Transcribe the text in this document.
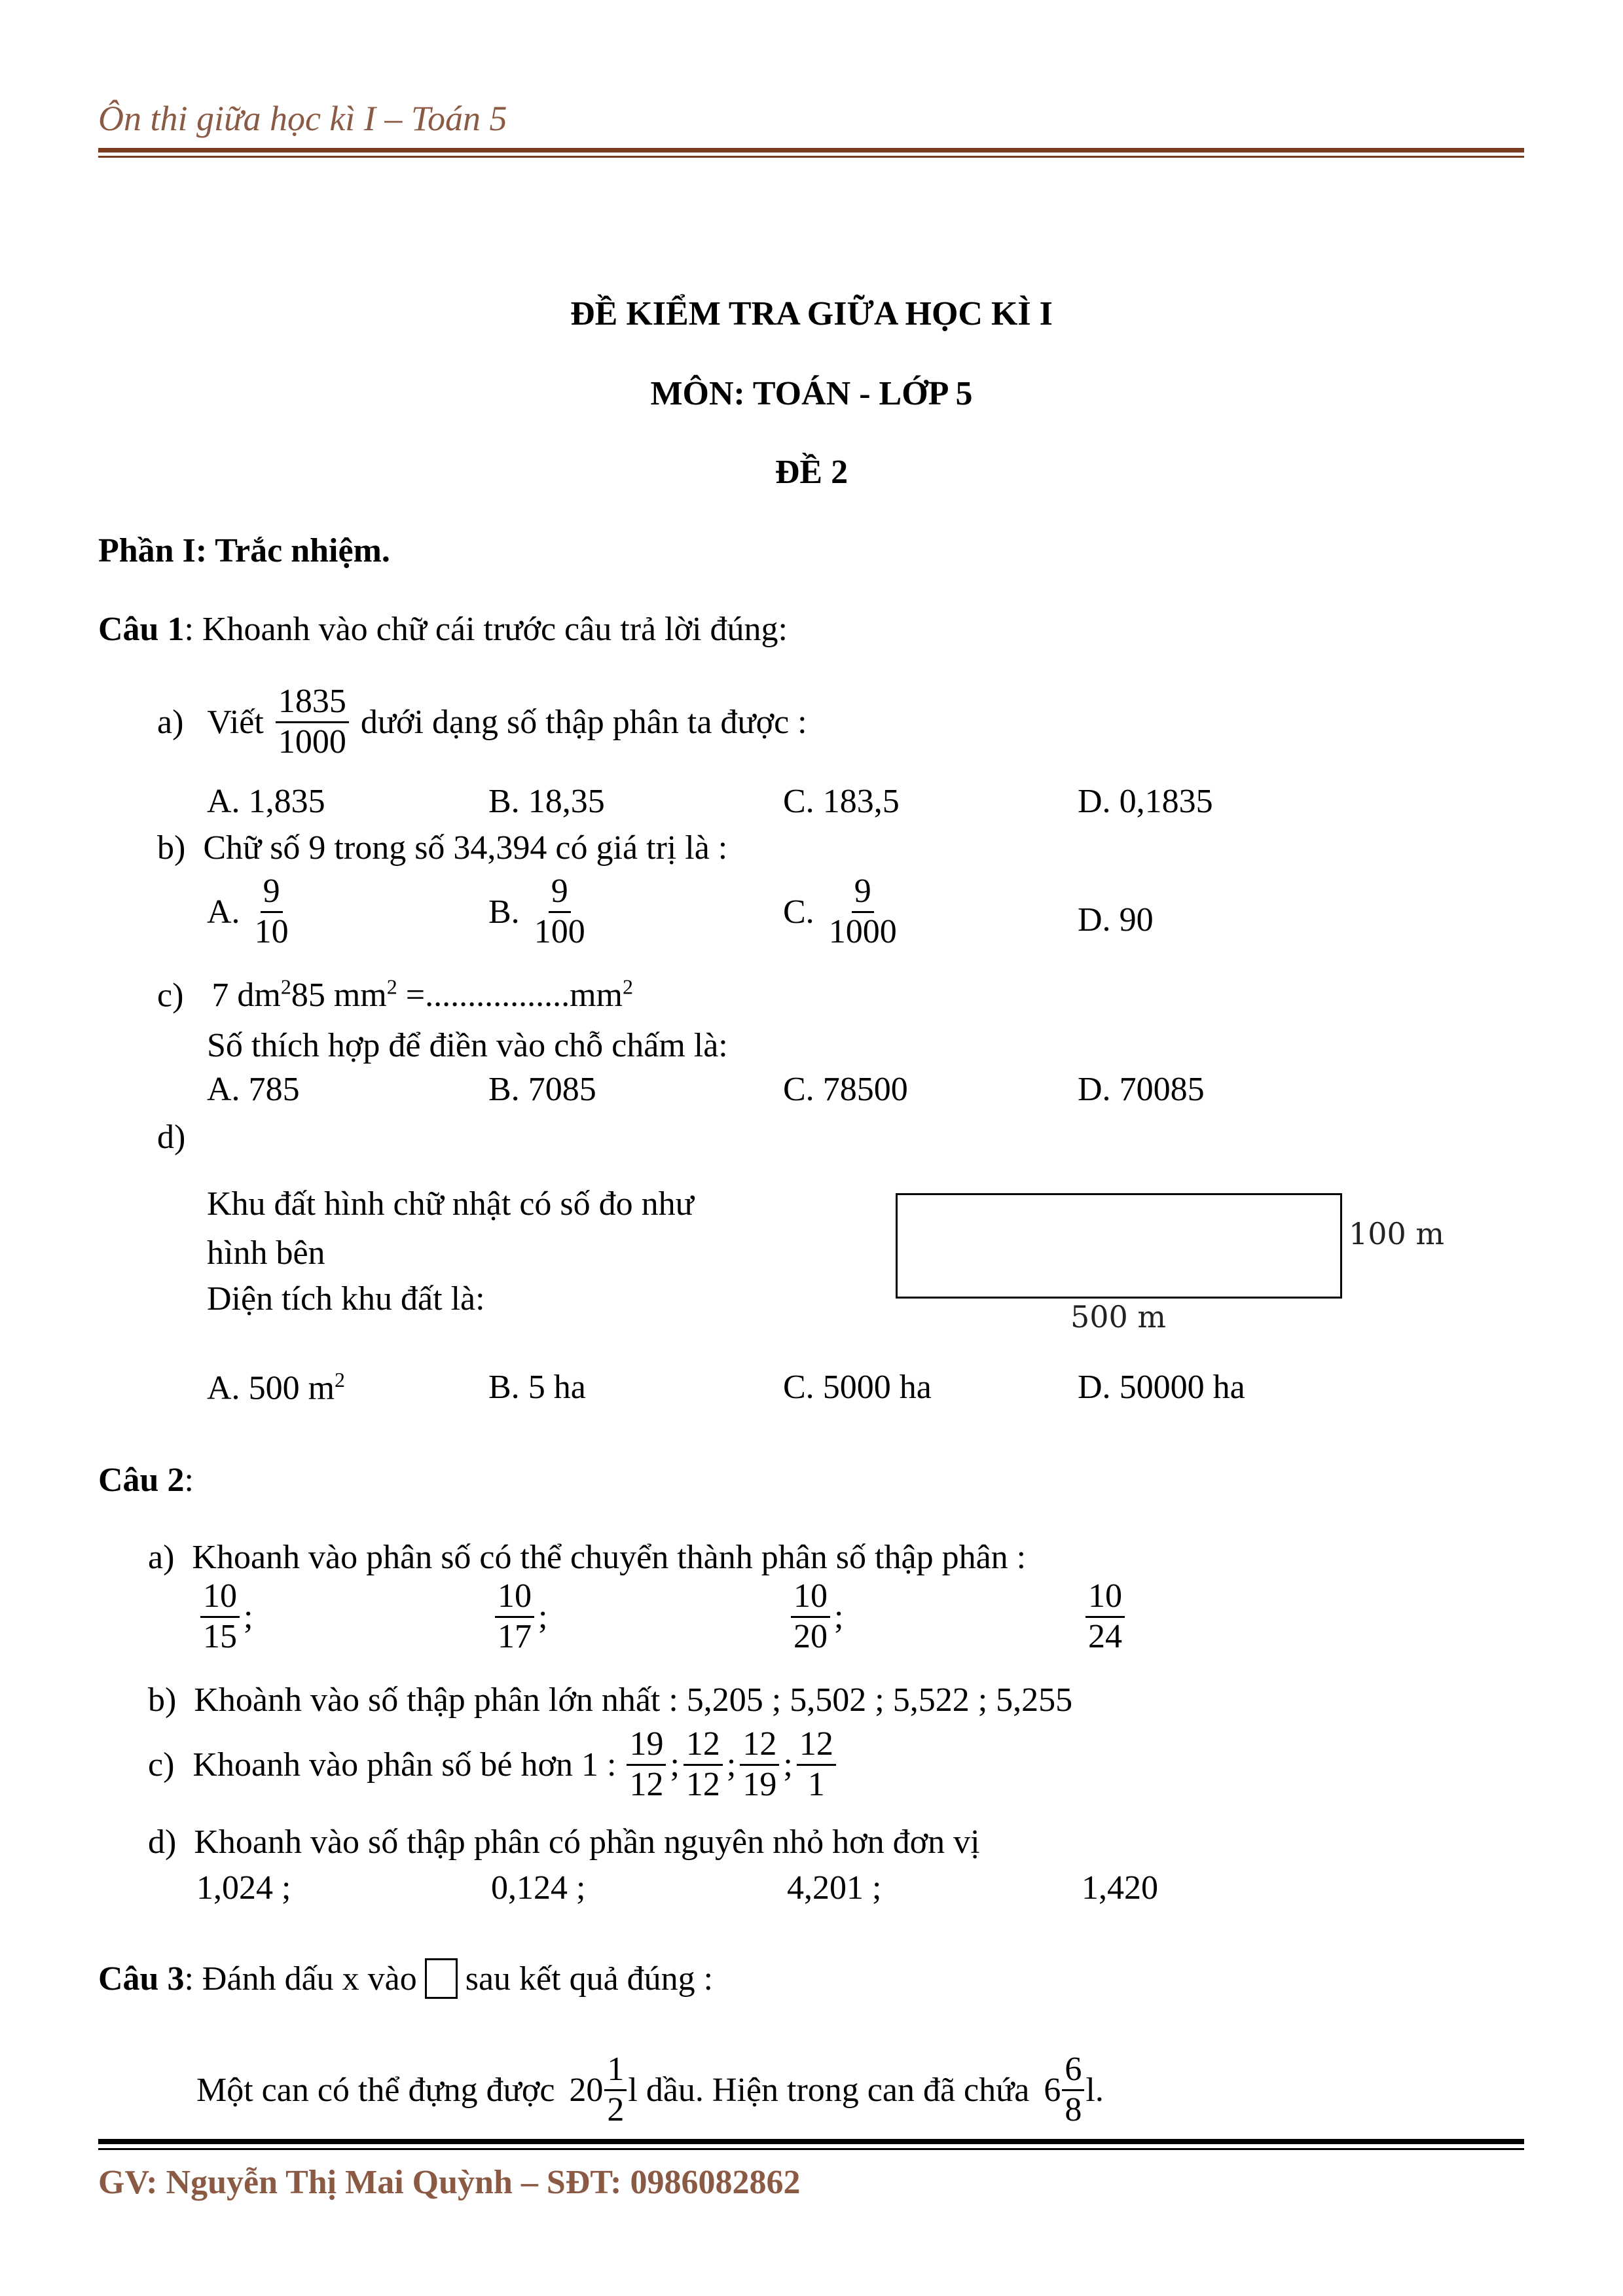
Ôn thi giữa học kì I – Toán 5
ĐỀ KIỂM TRA GIỮA HỌC KÌ I
MÔN: TOÁN - LỚP 5
ĐỀ 2
Phần I: Trắc nhiệm.
Câu 1: Khoanh vào chữ cái trước câu trả lời đúng:
a) Viết $\frac{1835}{1000}$ dưới dạng số thập phân ta được :
A. 1,835	B. 18,35	C. 183,5	D. 0,1835
b) Chữ số 9 trong số 34,394 có giá trị là :
A. $\frac{9}{10}$	B. $\frac{9}{100}$	C. $\frac{9}{1000}$	D. 90
c) 7 $dm^285$ $mm^2 =.................mm^2$
Số thích hợp để điền vào chỗ chấm là:
A. 785	B. 7085	C. 78500	D. 70085
d)
Khu đất hình chữ nhật có số đo như
hình bên
Diện tích khu đất là:
100 m
500 m
A. 500 $m^2$	B. 5 ha	C. 5000 ha	D. 50000 ha
Câu 2:
a) Khoanh vào phân số có thể chuyển thành phân số thập phân :
$\frac{10}{15}$ ;	$\frac{10}{17}$ ;	$\frac{10}{20}$ ;	$\frac{10}{24}$
b) Khoành vào số thập phân lớn nhất : 5,205 ; 5,502 ; 5,522 ; 5,255
c) Khoanh vào phân số bé hơn 1 : $\frac{19}{12}$ ; $\frac{12}{12}$ ; $\frac{12}{19}$ ; $\frac{12}{1}$
d) Khoanh vào số thập phân có phần nguyên nhỏ hơn đơn vị
1,024 ;	0,124 ;	4,201 ;	1,420
Câu 3 : Đánh dấu x vào sau kết quả đúng :
Một can có thể đựng được $20 \frac{1}{2}$ l dầu. Hiện trong can đã chứa $6 \frac{6}{8} l$.
GV: Nguyễn Thị Mai Quỳnh – SĐT: 0986082862
